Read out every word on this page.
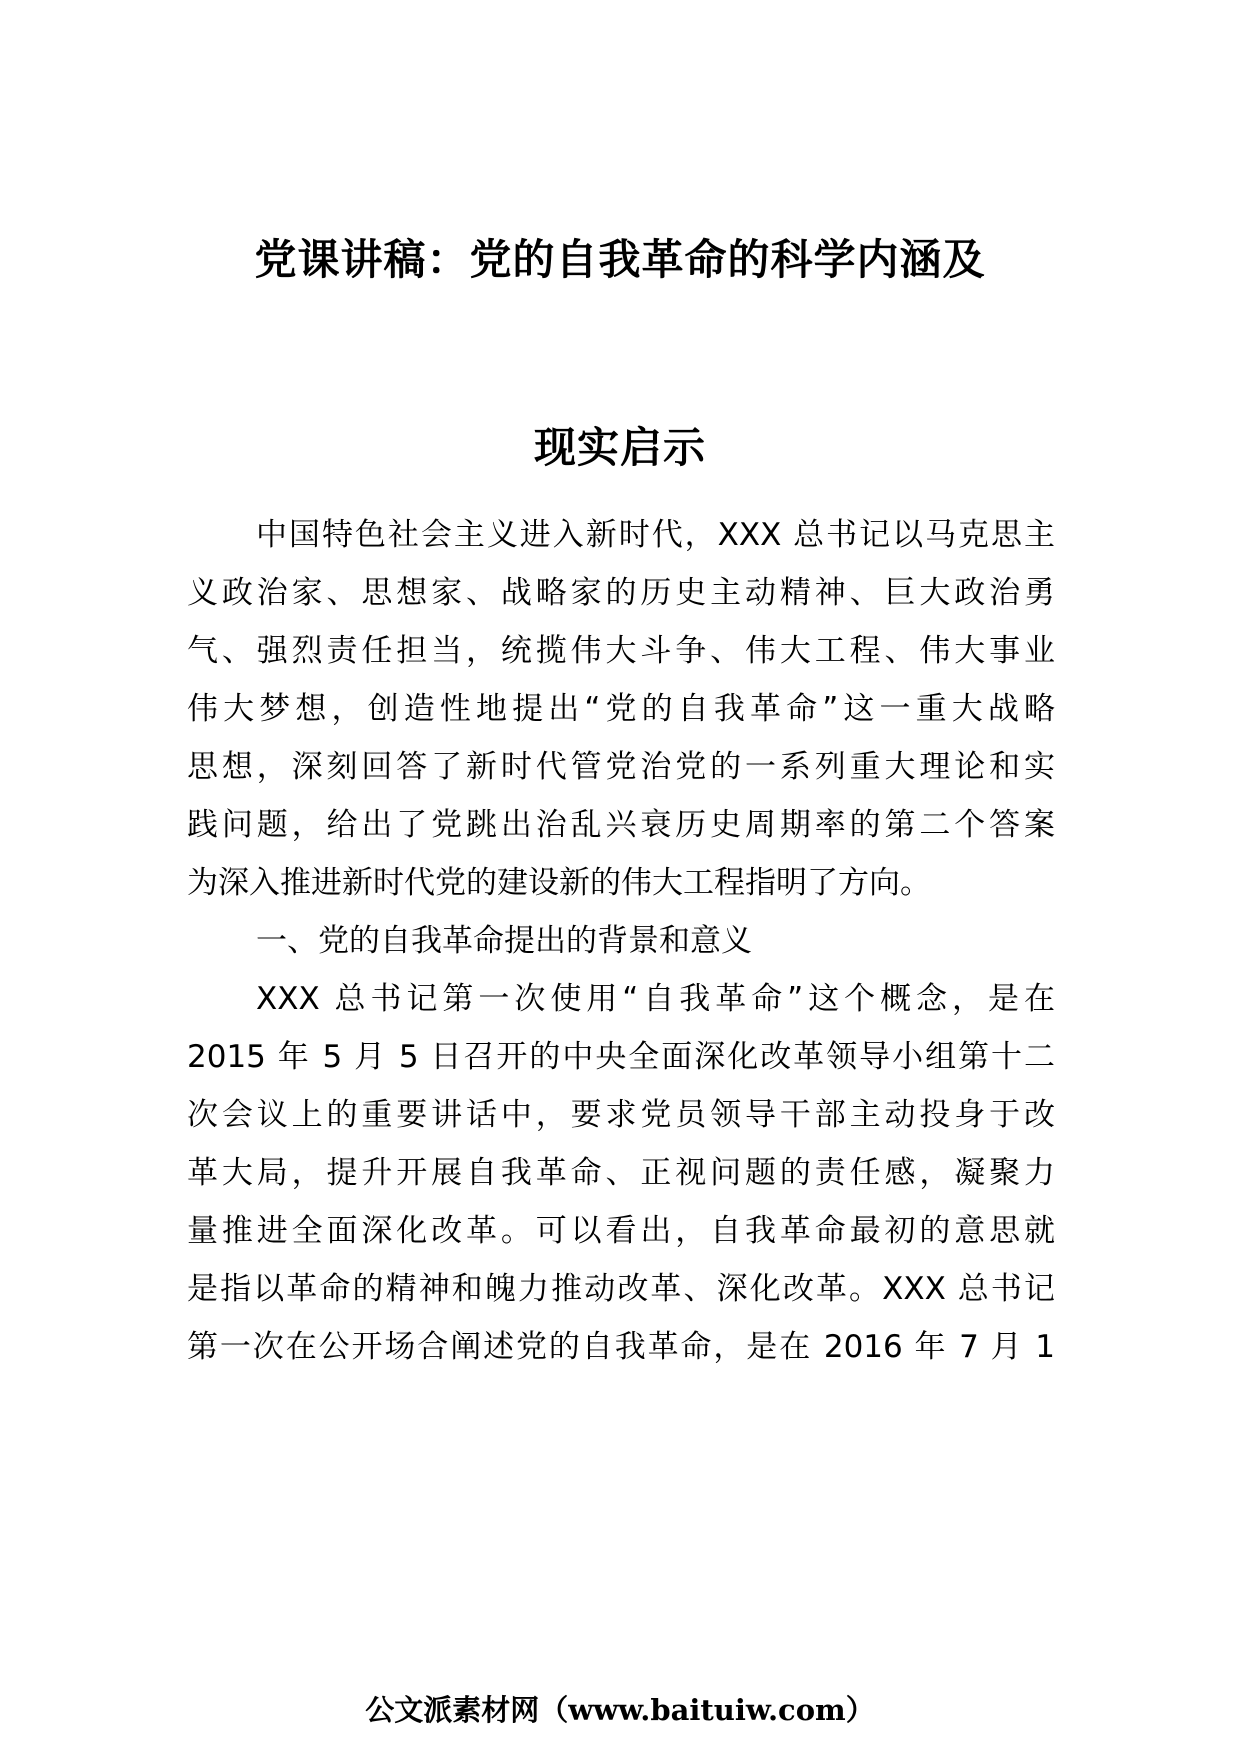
党课讲稿：党的自我革命的科学内涵及
现实启示

中国特色社会主义进入新时代，XXX 总书记以马克思主

义政治家、思想家、战略家的历史主动精神、巨大政治勇

气、强烈责任担当，统揽伟大斗争、伟大工程、伟大事业

伟大梦想，创造性地提出“党的自我革命”这一重大战略

思想，深刻回答了新时代管党治党的一系列重大理论和实

践问题，给出了党跳出治乱兴衰历史周期率的第二个答案

为深入推进新时代党的建设新的伟大工程指明了方向。

一、党的自我革命提出的背景和意义

XXX 总书记第一次使用“自我革命”这个概念，是在

2015 年 5 月 5 日召开的中央全面深化改革领导小组第十二

次会议上的重要讲话中，要求党员领导干部主动投身于改

革大局，提升开展自我革命、正视问题的责任感，凝聚力

量推进全面深化改革。可以看出，自我革命最初的意思就

是指以革命的精神和魄力推动改革、深化改革。XXX 总书记

第一次在公开场合阐述党的自我革命，是在 2016 年 7 月 1

公文派素材网（www.baituiw.com）
